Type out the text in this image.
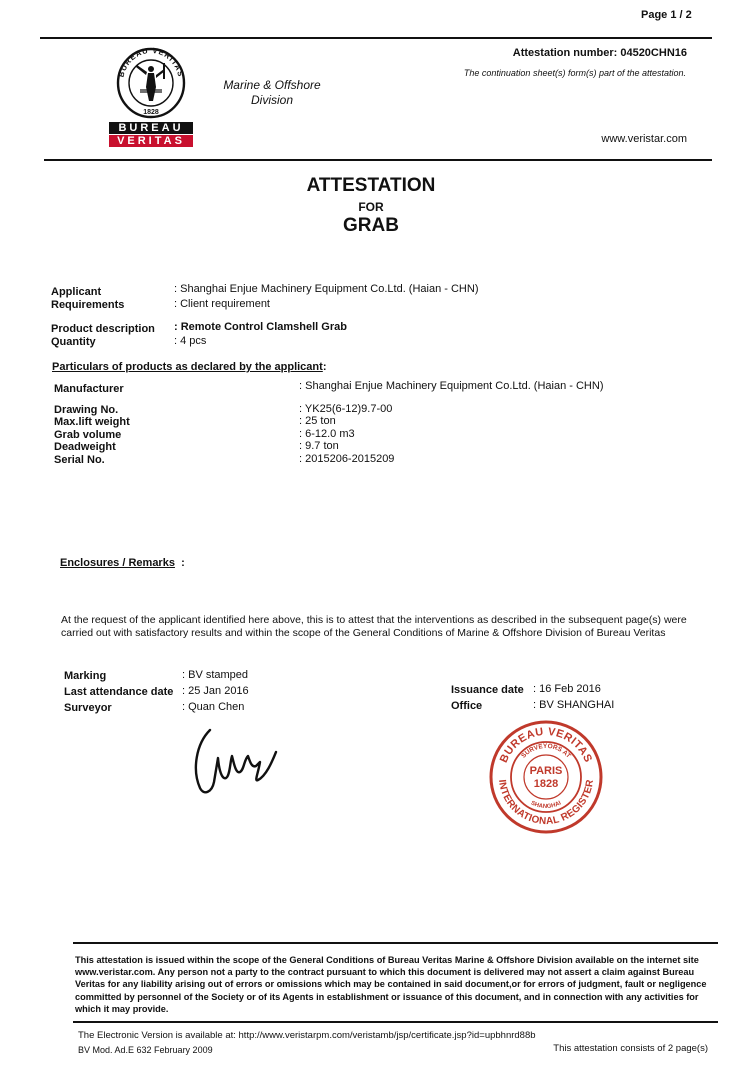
Page 1 / 2
BUREAU VERITAS
1828
BUREAU
VERITAS
Marine & Offshore
Division
Attestation number: 04520CHN16
The continuation sheet(s) form(s) part of the attestation.
www.veristar.com
ATTESTATION
FOR
GRAB
Applicant	: Shanghai Enjue Machinery Equipment Co.Ltd. (Haian - CHN)
Requirements	: Client requirement
Product description : Remote Control Clamshell Grab
Quantity	: 4 pcs
Particulars of products as declared by the applicant:
Manufacturer	: Shanghai Enjue Machinery Equipment Co.Ltd. (Haian - CHN)
Drawing No.	: YK25(6-12)9.7-00
Max.lift weight	: 25 ton
Grab volume	: 6-12.0 m3
Deadweight	: 9.7 ton
Serial No.	: 2015206-2015209
Enclosures / Remarks :
At the request of the applicant identified here above, this is to attest that the interventions as described in the subsequent page(s) were carried out with satisfactory results and within the scope of the General Conditions of Marine & Offshore Division of Bureau Veritas
Marking	: BV stamped
Last attendance date : 25 Jan 2016
Surveyor	: Quan Chen
Issuance date : 16 Feb 2016
Office	: BV SHANGHAI
BUREAU VERITAS
INTERNATIONAL REGISTER
SURVEYORS AT
SHANGHAI
PARIS
1828
This attestation is issued within the scope of the General Conditions of Bureau Veritas Marine & Offshore Division available on the internet site www.veristar.com. Any person not a party to the contract pursuant to which this document is delivered may not assert a claim against Bureau Veritas for any liability arising out of errors or omissions which may be contained in said document,or for errors of judgment, fault or negligence committed by personnel of the Society or of its Agents in establishment or issuance of this document, and in connection with any activities for which it may provide.
The Electronic Version is available at: http://www.veristarpm.com/veristamb/jsp/certificate.jsp?id=upbhnrd88b
BV Mod. Ad.E 632 February 2009	This attestation consists of 2 page(s)
